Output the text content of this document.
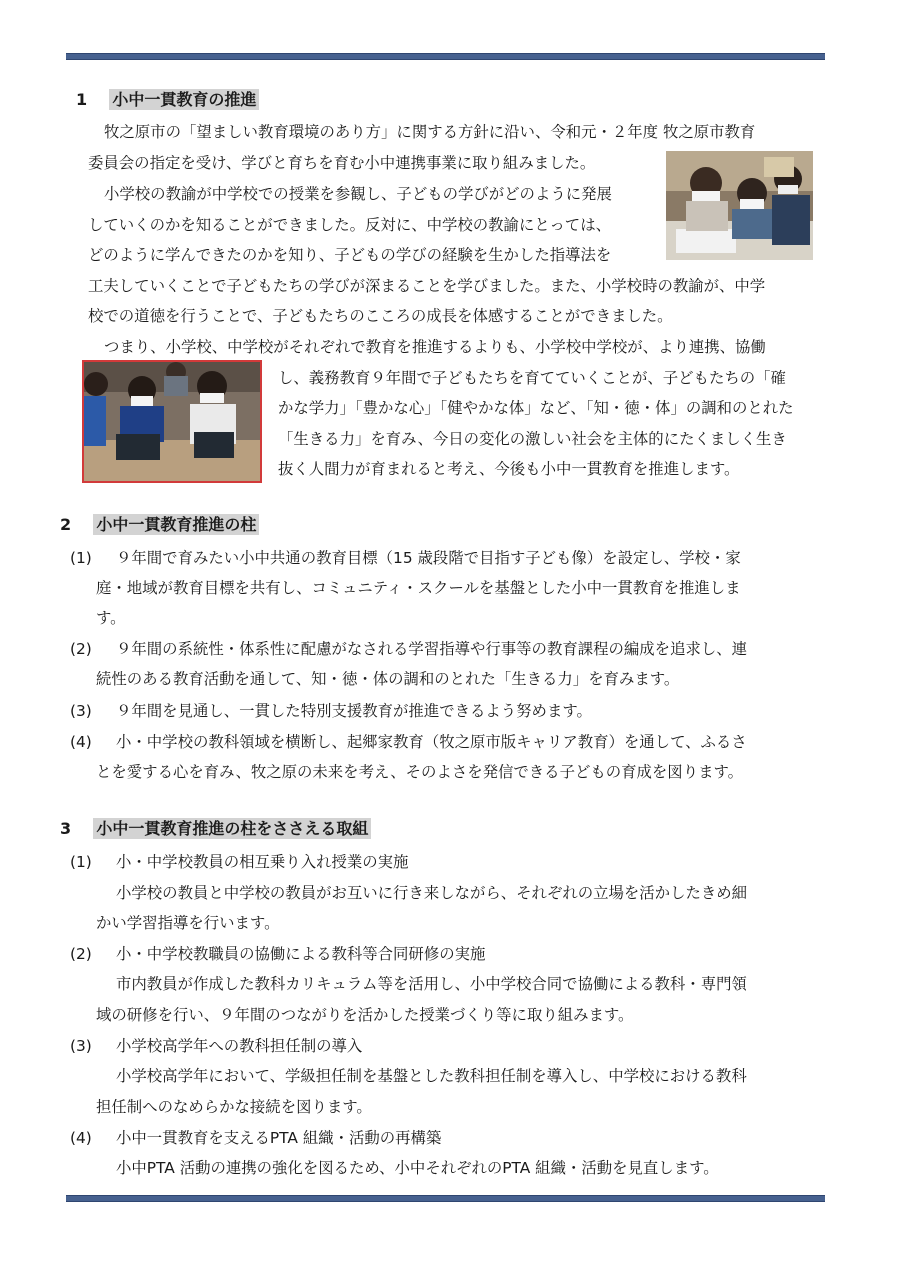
1 小中一貫教育の推進
牧之原市の「望ましい教育環境のあり方」に関する方針に沿い、令和元・２年度 牧之原市教育
委員会の指定を受け、学びと育ちを育む小中連携事業に取り組みました。
小学校の教諭が中学校での授業を参観し、子どもの学びがどのように発展
していくのかを知ることができました。反対に、中学校の教諭にとっては、
どのように学んできたのかを知り、子どもの学びの経験を生かした指導法を
工夫していくことで子どもたちの学びが深まることを学びました。また、小学校時の教諭が、中学
校での道徳を行うことで、子どもたちのこころの成長を体感することができました。
つまり、小学校、中学校がそれぞれで教育を推進するよりも、小学校中学校が、より連携、協働
し、義務教育９年間で子どもたちを育てていくことが、子どもたちの「確
かな学力」「豊かな心」「健やかな体」など、「知・徳・体」の調和のとれた
「生きる力」を育み、今日の変化の激しい社会を主体的にたくましく生き
抜く人間力が育まれると考え、今後も小中一貫教育を推進します。
2 小中一貫教育推進の柱
(1) ９年間で育みたい小中共通の教育目標（15 歳段階で目指す子ども像）を設定し、学校・家
庭・地域が教育目標を共有し、コミュニティ・スクールを基盤とした小中一貫教育を推進しま
す。
(2) ９年間の系統性・体系性に配慮がなされる学習指導や行事等の教育課程の編成を追求し、連
続性のある教育活動を通して、知・徳・体の調和のとれた「生きる力」を育みます。
(3) ９年間を見通し、一貫した特別支援教育が推進できるよう努めます。
(4) 小・中学校の教科領域を横断し、起郷家教育（牧之原市版キャリア教育）を通して、ふるさ
とを愛する心を育み、牧之原の未来を考え、そのよさを発信できる子どもの育成を図ります。
3 小中一貫教育推進の柱をささえる取組
(1) 小・中学校教員の相互乗り入れ授業の実施
小学校の教員と中学校の教員がお互いに行き来しながら、それぞれの立場を活かしたきめ細
かい学習指導を行います。
(2) 小・中学校教職員の協働による教科等合同研修の実施
市内教員が作成した教科カリキュラム等を活用し、小中学校合同で協働による教科・専門領
域の研修を行い、９年間のつながりを活かした授業づくり等に取り組みます。
(3) 小学校高学年への教科担任制の導入
小学校高学年において、学級担任制を基盤とした教科担任制を導入し、中学校における教科
担任制へのなめらかな接続を図ります。
(4) 小中一貫教育を支えるPTA 組織・活動の再構築
小中PTA 活動の連携の強化を図るため、小中それぞれのPTA 組織・活動を見直します。
